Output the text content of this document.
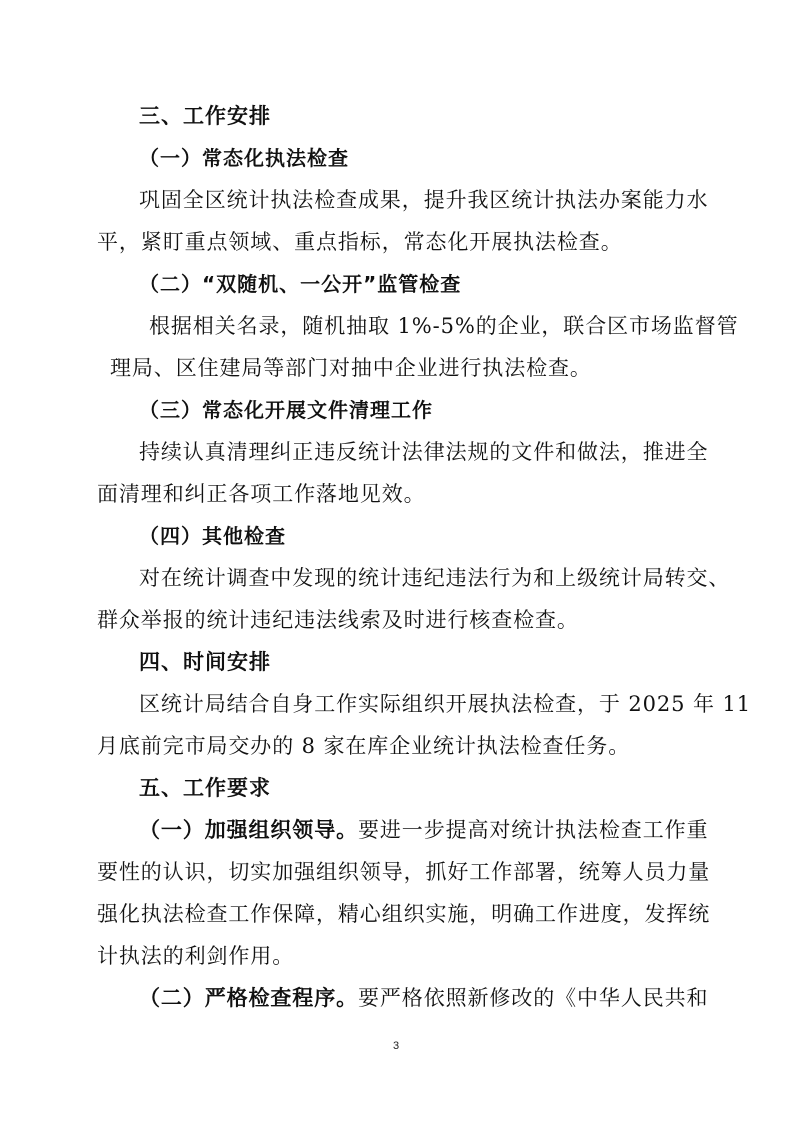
三、工作安排
（一）常态化执法检查
巩固全区统计执法检查成果，提升我区统计执法办案能力水
平，紧盯重点领域、重点指标，常态化开展执法检查。
（二）“双随机、一公开”监管检查
根据相关名录，随机抽取 1%-5%的企业，联合区市场监督管
理局、区住建局等部门对抽中企业进行执法检查。
（三）常态化开展文件清理工作
持续认真清理纠正违反统计法律法规的文件和做法，推进全
面清理和纠正各项工作落地见效。
（四）其他检查
对在统计调查中发现的统计违纪违法行为和上级统计局转交、
群众举报的统计违纪违法线索及时进行核查检查。
四、时间安排
区统计局结合自身工作实际组织开展执法检查，于 2025 年 11
月底前完市局交办的 8 家在库企业统计执法检查任务。
五、工作要求
（一）加强组织领导。要进一步提高对统计执法检查工作重
要性的认识，切实加强组织领导，抓好工作部署，统筹人员力量
强化执法检查工作保障，精心组织实施，明确工作进度，发挥统
计执法的利剑作用。
（二）严格检查程序。要严格依照新修改的《中华人民共和
3
